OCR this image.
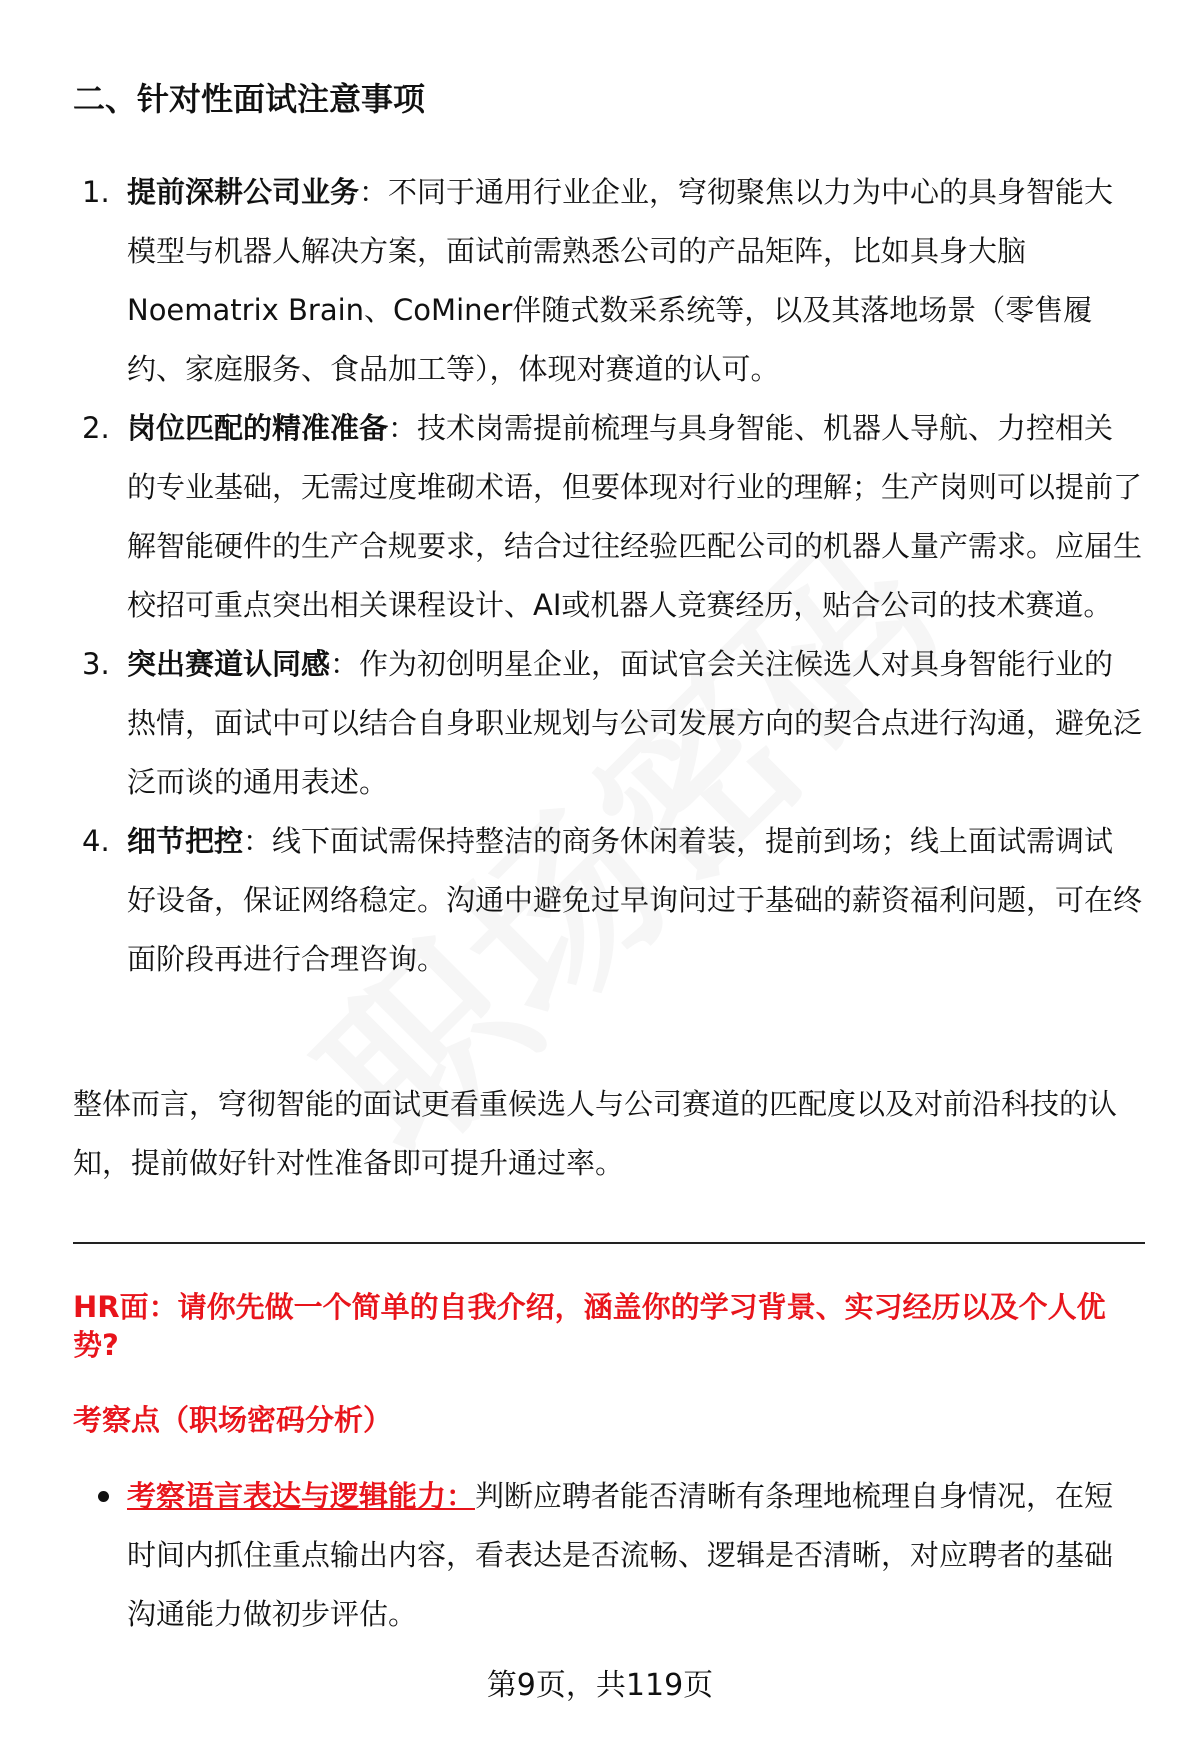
二、针对性面试注意事项
1. 提前深耕公司业务：不同于通用行业企业，穹彻聚焦以力为中心的具身智能大模型与机器人解决方案，面试前需熟悉公司的产品矩阵，比如具身大脑Noematrix Brain、CoMiner伴随式数采系统等，以及其落地场景（零售履约、家庭服务、食品加工等），体现对赛道的认可。
2. 岗位匹配的精准准备：技术岗需提前梳理与具身智能、机器人导航、力控相关的专业基础，无需过度堆砌术语，但要体现对行业的理解；生产岗则可以提前了解智能硬件的生产合规要求，结合过往经验匹配公司的机器人量产需求。应届生校招可重点突出相关课程设计、AI或机器人竞赛经历，贴合公司的技术赛道。
3. 突出赛道认同感：作为初创明星企业，面试官会关注候选人对具身智能行业的热情，面试中可以结合自身职业规划与公司发展方向的契合点进行沟通，避免泛泛而谈的通用表述。
4. 细节把控：线下面试需保持整洁的商务休闲着装，提前到场；线上面试需调试好设备，保证网络稳定。沟通中避免过早询问过于基础的薪资福利问题，可在终面阶段再进行合理咨询。

整体而言，穹彻智能的面试更看重候选人与公司赛道的匹配度以及对前沿科技的认知，提前做好针对性准备即可提升通过率。

HR面：请你先做一个简单的自我介绍，涵盖你的学习背景、实习经历以及个人优势?

考察点（职场密码分析）

考察语言表达与逻辑能力：判断应聘者能否清晰有条理地梳理自身情况，在短时间内抓住重点输出内容，看表达是否流畅、逻辑是否清晰，对应聘者的基础沟通能力做初步评估。

第9页，共119页
